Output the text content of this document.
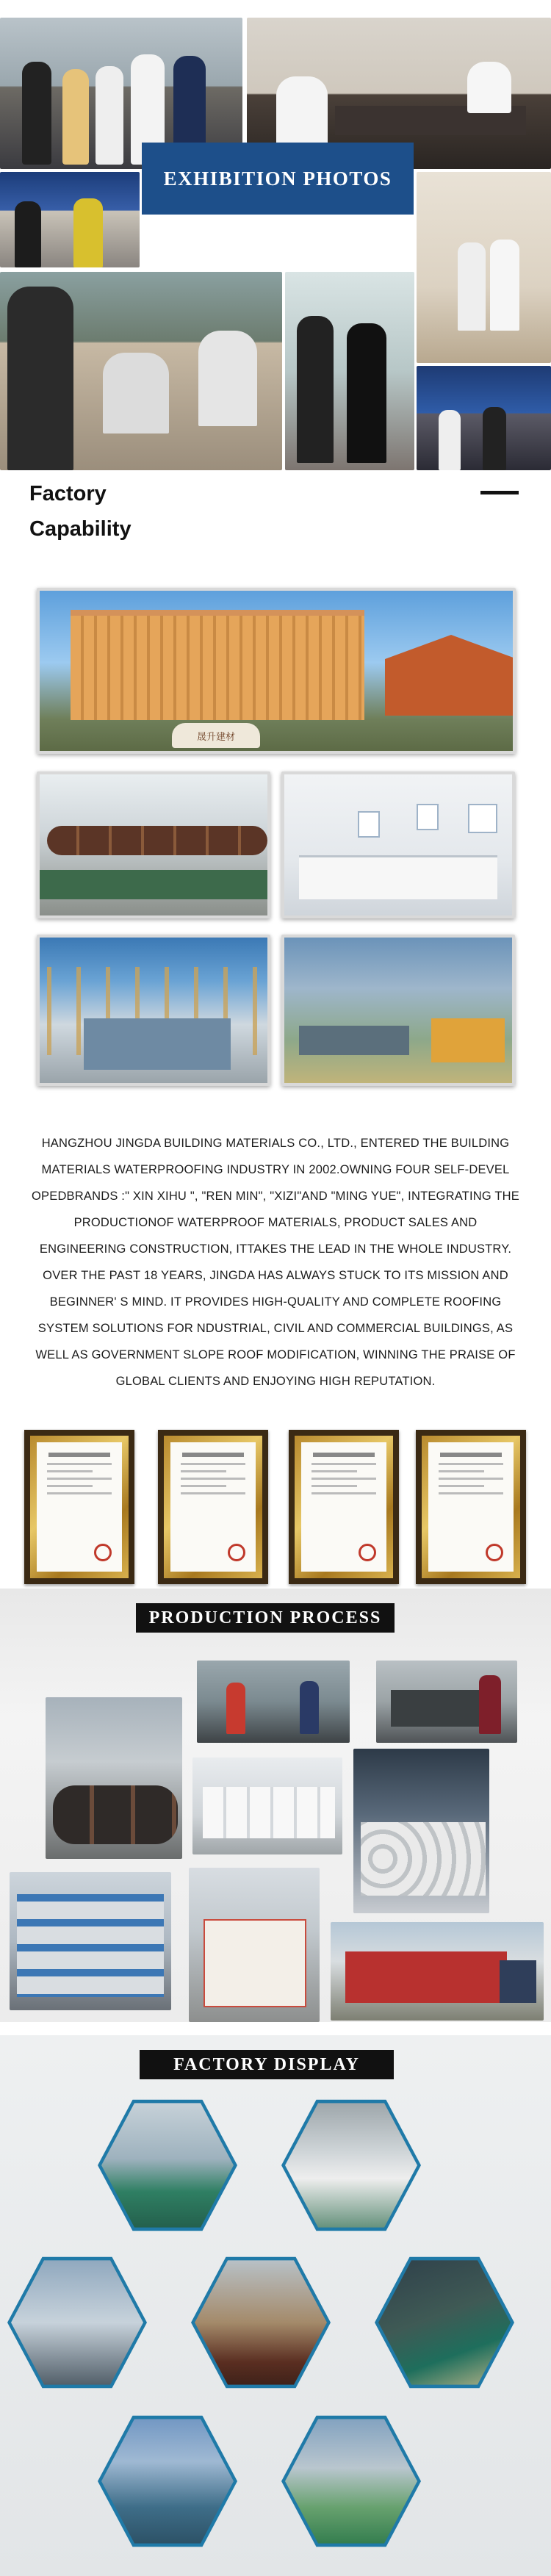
EXHIBITION PHOTOS
Factory
Capability
晟升建材

HANGZHOU JINGDA BUILDING MATERIALS CO., LTD., ENTERED THE BUILDING MATERIALS WATERPROOFING INDUSTRY IN 2002.OWNING FOUR SELF-DEVEL OPEDBRANDS :" XIN XIHU ", "REN MIN", "XIZI"AND "MING YUE", INTEGRATING THE PRODUCTIONOF WATERPROOF MATERIALS, PRODUCT SALES AND ENGINEERING CONSTRUCTION, ITTAKES THE LEAD IN THE WHOLE INDUSTRY. OVER THE PAST 18 YEARS, JINGDA HAS ALWAYS STUCK TO ITS MISSION AND BEGINNER' S MIND. IT PROVIDES HIGH-QUALITY AND COMPLETE ROOFING SYSTEM SOLUTIONS FOR NDUSTRIAL, CIVIL AND COMMERCIAL BUILDINGS, AS WELL AS GOVERNMENT SLOPE ROOF MODIFICATION, WINNING THE PRAISE OF GLOBAL CLIENTS AND ENJOYING HIGH REPUTATION.

PRODUCTION PROCESS
FACTORY DISPLAY
